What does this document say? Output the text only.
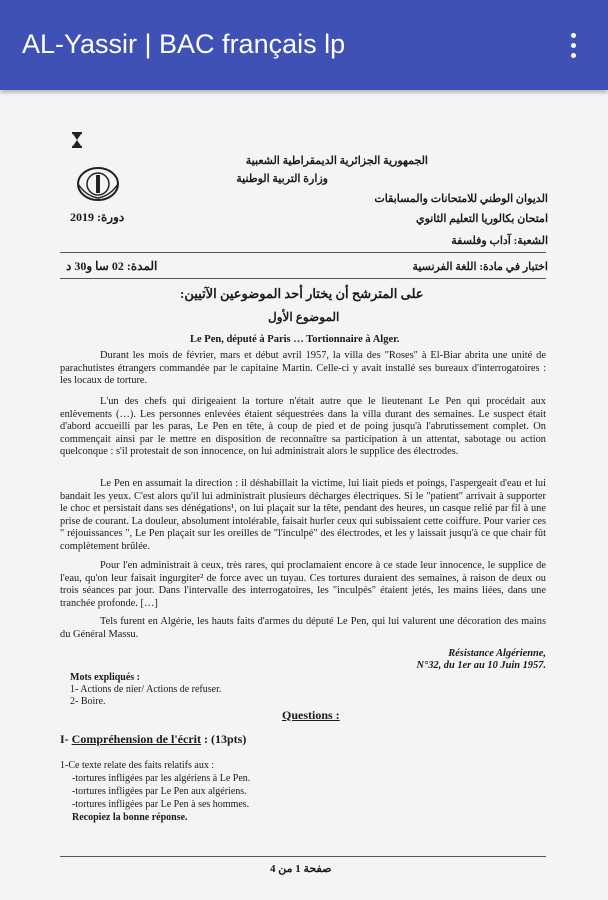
AL-Yassir | BAC français lp
الجمهورية الجزائرية الديمقراطية الشعبية
وزارة التربية الوطنية
الديوان الوطني للامتحانات والمسابقات
امتحان بكالوريا التعليم الثانوي
دورة: 2019
الشعبة: آداب وفلسفة
اختبار في مادة: اللغة الفرنسية
المدة: 02 سا و30 د
على المترشح أن يختار أحد الموضوعين الآتيين:
الموضوع الأول
Le Pen, député à Paris … Tortionnaire à Alger.
Durant les mois de février, mars et début avril 1957, la villa des "Roses" à El-Biar abrita une unité de parachutistes étrangers commandée par le capitaine Martin. Celle-ci y avait installé ses bureaux d'interrogatoires : les locaux de torture.
L'un des chefs qui dirigeaient la torture n'était autre que le lieutenant Le Pen qui procédait aux enlèvements (…). Les personnes enlevées étaient séquestrées dans la villa durant des semaines. Le suspect était d'abord accueilli par les paras, Le Pen en tête, à coup de pied et de poing jusqu'à l'abrutissement complet. On commençait ainsi par le mettre en disposition de reconnaître sa participation à un attentat, sabotage ou action quelconque : s'il protestait de son innocence, on lui administrait alors le supplice des électrodes.
Le Pen en assumait la direction : il déshabillait la victime, lui liait pieds et poings, l'aspergeait d'eau et lui bandait les yeux. C'est alors qu'il lui administrait plusieurs décharges électriques. Si le "patient" arrivait à supporter le choc et persistait dans ses dénégations¹, on lui plaçait sur la tête, pendant des heures, un casque relié par fil à une prise de courant. La douleur, absolument intolérable, faisait hurler ceux qui subissaient cette coiffure. Pour varier ces " réjouissances ", Le Pen plaçait sur les oreilles de "l'inculpé" des électrodes, et les y laissait jusqu'à ce que chair fût complètement brûlée.
Pour l'en administrait à ceux, très rares, qui proclamaient encore à ce stade leur innocence, le supplice de l'eau, qu'on leur faisait ingurgiter² de force avec un tuyau. Ces tortures duraient des semaines, à raison de deux ou trois séances par jour. Dans l'intervalle des interrogatoires, les "inculpés" étaient jetés, les mains liées, dans une tranchée profonde. […]
Tels furent en Algérie, les hauts faits d'armes du député Le Pen, qui lui valurent une décoration des mains du Général Massu.
Résistance Algérienne,
N°32, du 1er au 10 Juin 1957.
Mots expliqués :
1- Actions de nier/ Actions de refuser.
2- Boire.
Questions :
I- Compréhension de l'écrit : (13pts)
1-Ce texte relate des faits relatifs aux :
-tortures infligées par les algériens à Le Pen.
-tortures infligées par Le Pen aux algériens.
-tortures infligées par Le Pen à ses hommes.
Recopiez la bonne réponse.
صفحة 1 من 4
